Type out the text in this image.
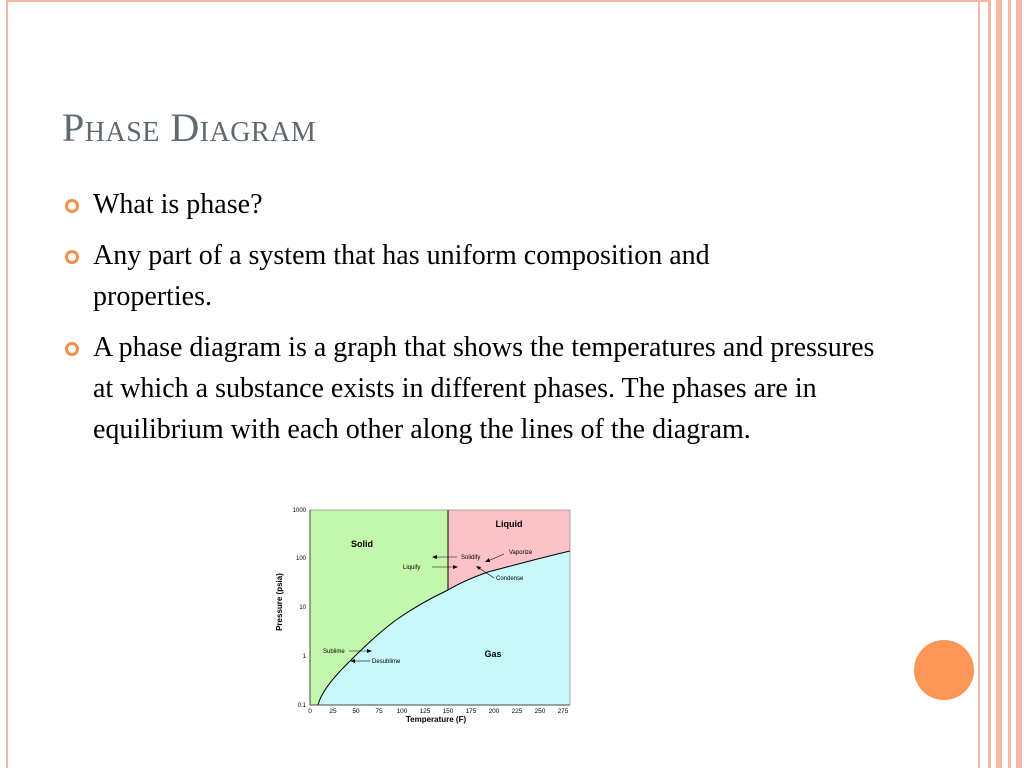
Phase Diagram
What is phase?
Any part of a system that has uniform composition and properties.
A phase diagram is a graph that shows the temperatures and pressures at which a substance exists in different phases. The phases are in equilibrium with each other along the lines of the diagram.
1000
100
10
1
0.1
0	25 50 75 100 125 150 175 200 225 250 275
Temperature (F)
Pressure (psia)
Solid
Liquid
Gas
Solidify
Liquify
Vaporize
Condense
Sublime
Desublime
